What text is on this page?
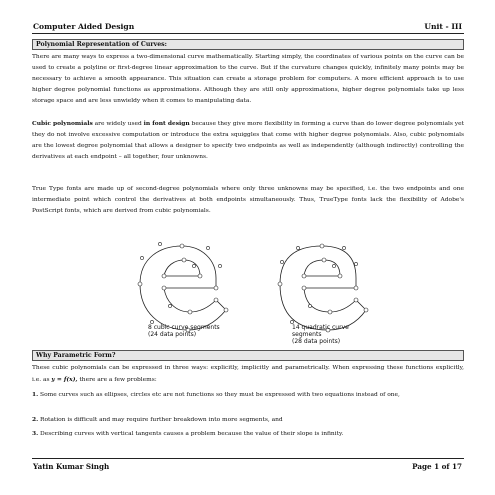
Computer Aided Design	Unit - III
Polynomial Representation of Curves:
There are many ways to express a two-dimensional curve mathematically. Starting simply, the coordinates of various points on the curve can be used to create a polyline or first-degree linear approximation to the curve. But if the curvature changes quickly, infinitely many points may be necessary to achieve a smooth appearance. This situation can create a storage problem for computers. A more efficient approach is to use higher degree polynomial functions as approximations. Although they are still only approximations, higher degree polynomials take up less storage space and are less unwieldy when it comes to manipulating data.
Cubic polynomials are widely used in font design because they give more flexibility in forming a curve than do lower degree polynomials yet they do not involve excessive computation or introduce the extra squiggles that come with higher degree polynomials. Also, cubic polynomials are the lowest degree polynomial that allows a designer to specify two endpoints as well as independently (although indirectly) controlling the derivatives at each endpoint – all together, four unknowns.
True Type fonts are made up of second-degree polynomials where only three unknowns may be specified, i.e. the two endpoints and one intermediate point which control the derivatives at both endpoints simultaneously. Thus, TrueType fonts lack the flexibility of Adobe's PostScript fonts, which are derived from cubic polynomials.
8 cubic curve segments
(24 data points)
14 quadratic curve segments
(28 data points)
Why Parametric Form?
These cubic polynomials can be expressed in three ways: explicitly, implicitly and parametrically. When expressing these functions explicitly, i.e. as y = f(x), there are a few problems:
1. Some curves such as ellipses, circles etc are not functions so they must be expressed with two equations instead of one,
2. Rotation is difficult and may require further breakdown into more segments, and
3. Describing curves with vertical tangents causes a problem because the value of their slope is infinity.
Yatin Kumar Singh	Page 1 of 17
